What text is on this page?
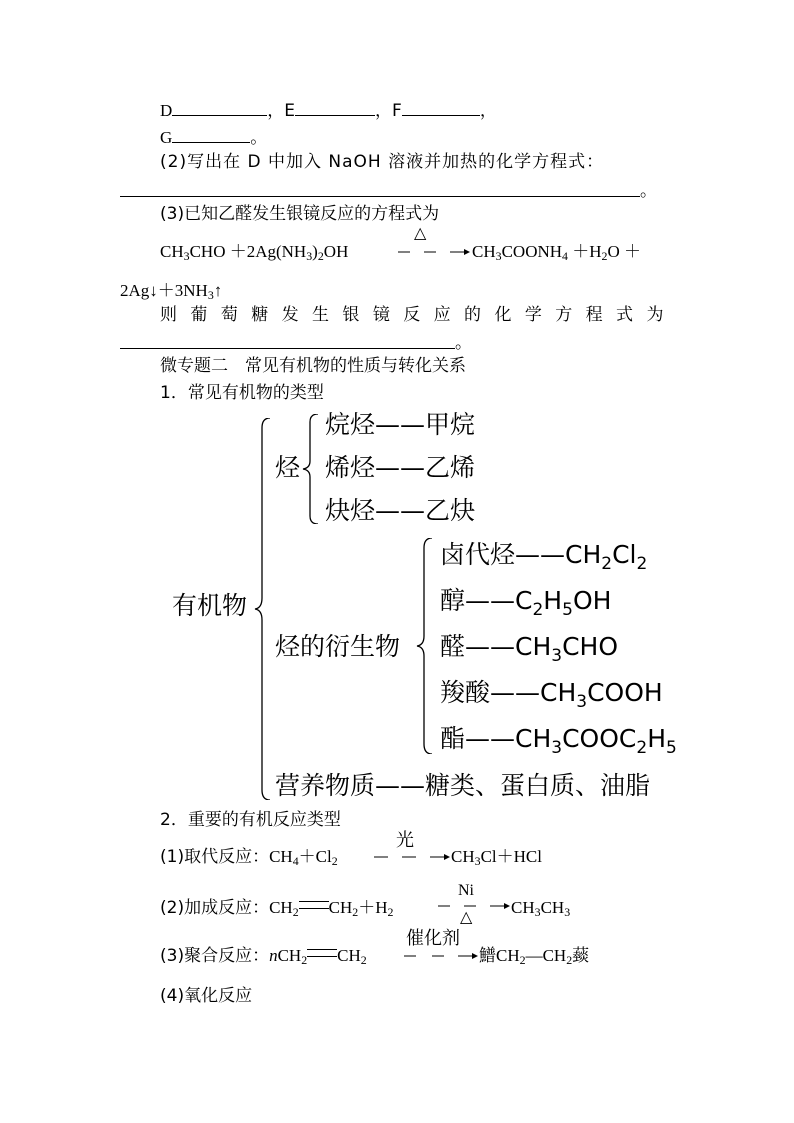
D	，E	，F	，
G	。
(2)写出在 D 中加入 NaOH 溶液并加热的化学方程式：
。
(3)已知乙醛发生银镜反应的方程式为
$CH_3CHO +2Ag(NH_3)_2OH$
△
$CH_3COONH_4 +H_2O$ ＋
$2Ag↓+3NH_3↑$
则 葡 萄 糖 发 生 银 镜 反 应 的 化 学 方 程 式 为
。
微专题二　常见有机物的性质与转化关系
1．常见有机物的类型
有机物
烃
烷烃——甲烷
烯烃——乙烯
炔烃——乙炔
烃的衍生物
卤代烃$——CH_2Cl_2$
醇$——C_2H_5OH$
醛$——CH_3CHO$
羧酸$——CH_3COOH$
酯$——CH_3COOC_2H_5$
营养物质——糖类、蛋白质、油脂
2．重要的有机反应类型
(1)取代反应：$CH_4+Cl_2$
光
$CH_3Cl+HCl$
(2)加成反应：$CH_2$ $CH_2+H_2$
Ni
△
$CH_3CH_3$
(3)聚合反应：nCH$_2$ $CH_2$
催化剂
䲕$CH_2—CH_2$䕭
(4)氧化反应
